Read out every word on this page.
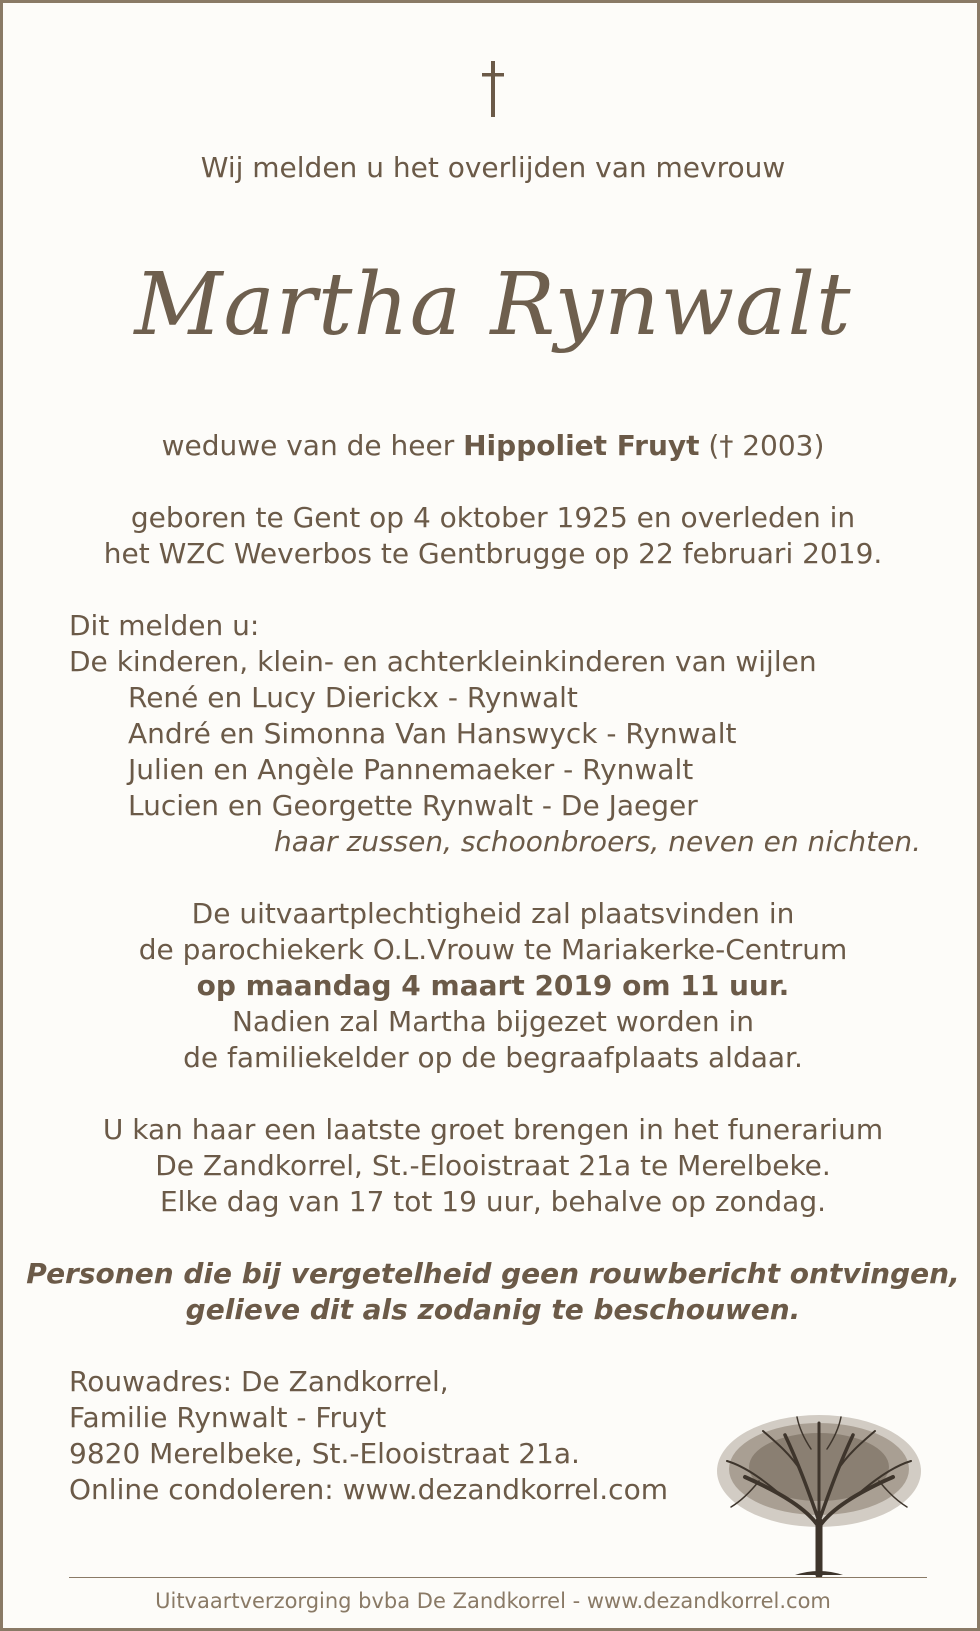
Wij melden u het overlijden van mevrouw
Martha Rynwalt
weduwe van de heer Hippoliet Fruyt († 2003)
geboren te Gent op 4 oktober 1925 en overleden in
het WZC Weverbos te Gentbrugge op 22 februari 2019.
Dit melden u:
De kinderen, klein- en achterkleinkinderen van wijlen
René en Lucy Dierickx - Rynwalt
André en Simonna Van Hanswyck - Rynwalt
Julien en Angèle Pannemaeker - Rynwalt
Lucien en Georgette Rynwalt - De Jaeger
haar zussen, schoonbroers, neven en nichten.
De uitvaartplechtigheid zal plaatsvinden in
de parochiekerk O.L.Vrouw te Mariakerke-Centrum
op maandag 4 maart 2019 om 11 uur.
Nadien zal Martha bijgezet worden in
de familiekelder op de begraafplaats aldaar.
U kan haar een laatste groet brengen in het funerarium
De Zandkorrel, St.-Elooistraat 21a te Merelbeke.
Elke dag van 17 tot 19 uur, behalve op zondag.
Personen die bij vergetelheid geen rouwbericht ontvingen,
gelieve dit als zodanig te beschouwen.
Rouwadres: De Zandkorrel,
Familie Rynwalt - Fruyt
9820 Merelbeke, St.-Elooistraat 21a.
Online condoleren: www.dezandkorrel.com
Uitvaartverzorging bvba De Zandkorrel - www.dezandkorrel.com
